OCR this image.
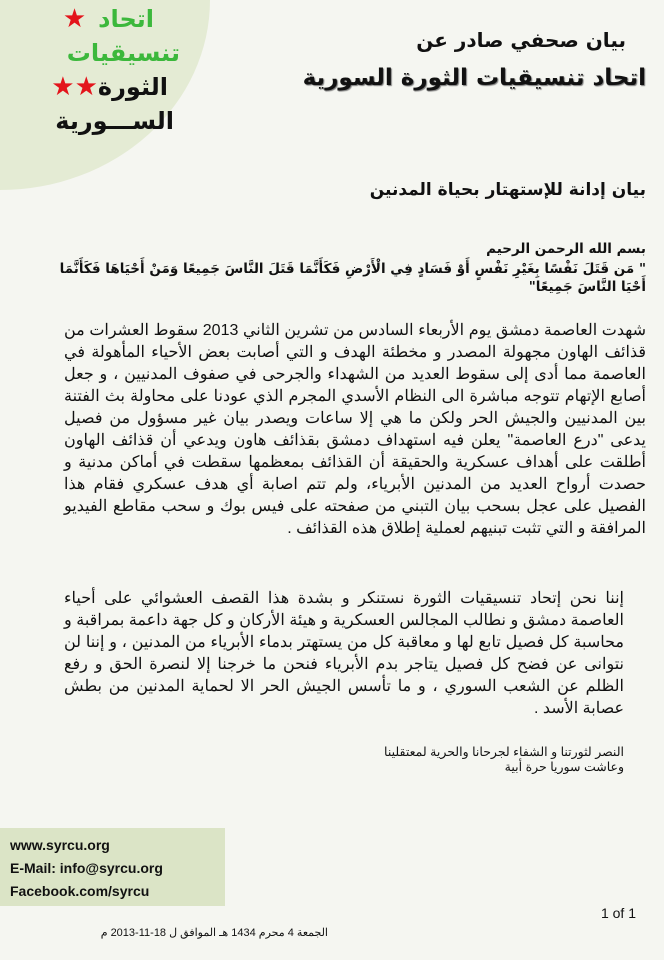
اتحاد
★
تنسيقيات
الثورة
★
★
الســـورية
بيان صحفي صادر عن
اتحاد تنسيقيات الثورة السورية
بيان إدانة للإستهتار بحياة المدنين
بسم الله الرحمن الرحيم
" مَن قَتَلَ نَفْسًا بِغَيْرِ نَفْسٍ أَوْ فَسَادٍ فِي الْأَرْضِ فَكَأَنَّمَا قَتَلَ النَّاسَ جَمِيعًا وَمَنْ أَحْيَاهَا فَكَأَنَّمَا أَحْيَا النَّاسَ جَمِيعًا"
شهدت العاصمة دمشق يوم الأربعاء السادس من تشرين الثاني 2013 سقوط العشرات من قذائف الهاون مجهولة المصدر و مخطئة الهدف و التي أصابت بعض الأحياء المأهولة في العاصمة مما أدى إلى سقوط العديد من الشهداء والجرحى في صفوف المدنيين ، و جعل أصابع الإتهام تتوجه مباشرة الى النظام الأسدي المجرم الذي عودنا على محاولة بث الفتنة بين المدنيين والجيش الحر ولكن ما هي إلا ساعات ويصدر بيان غير مسؤول من فصيل يدعى "درع العاصمة" يعلن فيه استهداف دمشق بقذائف هاون ويدعي أن قذائف الهاون أطلقت على أهداف عسكرية والحقيقة أن القذائف بمعظمها سقطت في أماكن مدنية و حصدت أرواح العديد من المدنين الأبرياء، ولم تتم اصابة أي هدف عسكري فقام هذا الفصيل على عجل بسحب بيان التبني من صفحته على فيس بوك و سحب مقاطع الفيديو المرافقة و التي تثبت تبنيهم لعملية إطلاق هذه القذائف .
إننا نحن إتحاد تنسيقيات الثورة نستنكر و بشدة هذا القصف العشوائي على أحياء العاصمة دمشق و نطالب المجالس العسكرية و هيئة الأركان و كل جهة داعمة بمراقبة و محاسبة كل فصيل تابع لها و معاقبة كل من يستهتر بدماء الأبرياء من المدنين ، و إننا لن نتوانى عن فضح كل فصيل يتاجر بدم الأبرياء فنحن ما خرجنا إلا لنصرة الحق و رفع الظلم عن الشعب السوري ، و ما تأسس الجيش الحر الا لحماية المدنين من بطش عصابة الأسد .
النصر لثورتنا و الشفاء لجرحانا والحرية لمعتقلينا
وعاشت سوريا حرة أبية
www.syrcu.org
E-Mail: info@syrcu.org
Facebook.com/syrcu
1 of 1
الجمعة 4 محرم 1434 هـ الموافق ل 18-11-2013 م
